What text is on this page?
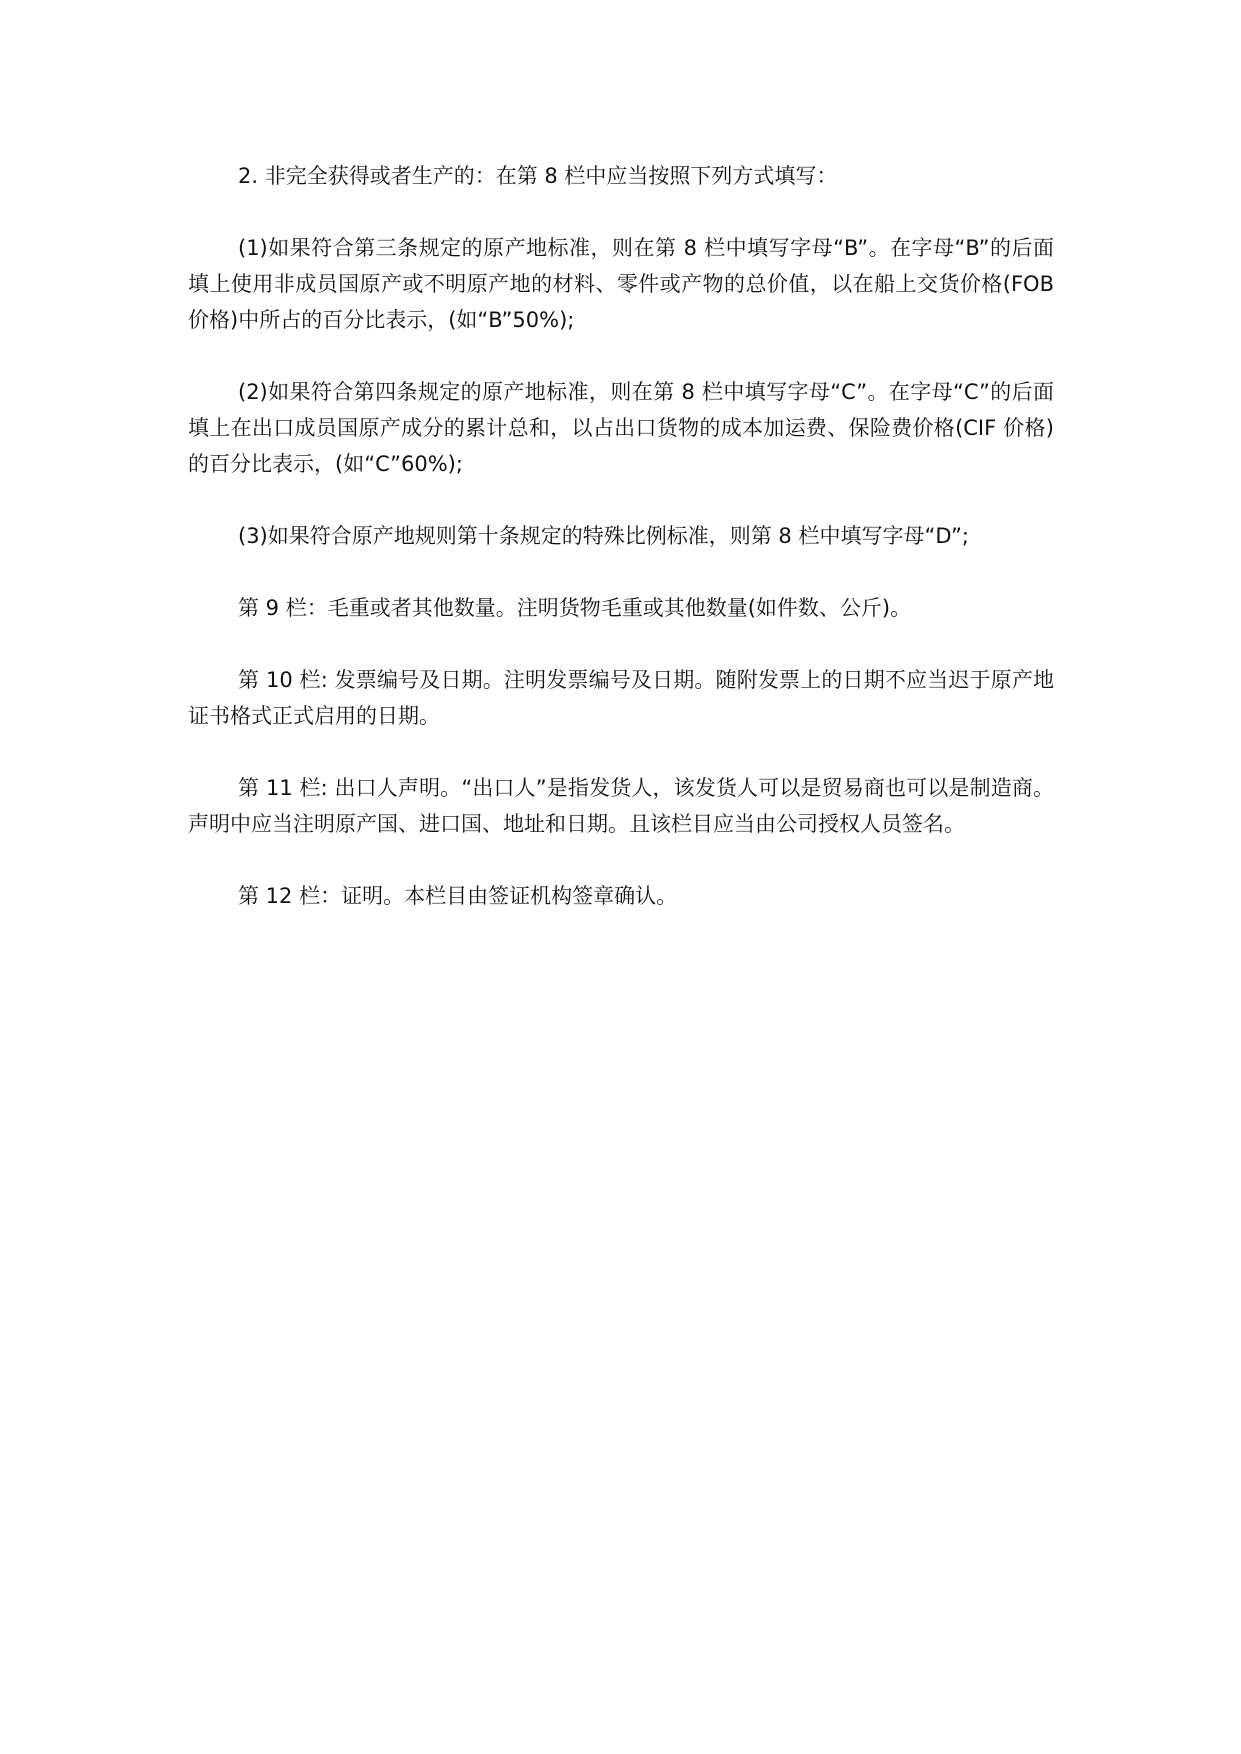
2. 非完全获得或者生产的：在第 8 栏中应当按照下列方式填写：

(1)如果符合第三条规定的原产地标准，则在第 8 栏中填写字母“B”。在字母“B”的后面填上使用非成员国原产或不明原产地的材料、零件或产物的总价值，以在船上交货价格(FOB 价格)中所占的百分比表示，(如“B”50%);

(2)如果符合第四条规定的原产地标准，则在第 8 栏中填写字母“C”。在字母“C”的后面填上在出口成员国原产成分的累计总和，以占出口货物的成本加运费、保险费价格(CIF 价格)的百分比表示，(如“C”60%);

(3)如果符合原产地规则第十条规定的特殊比例标准，则第 8 栏中填写字母“D”;

第 9 栏：毛重或者其他数量。注明货物毛重或其他数量(如件数、公斤)。

第 10 栏: 发票编号及日期。注明发票编号及日期。随附发票上的日期不应当迟于原产地证书格式正式启用的日期。

第 11 栏: 出口人声明。“出口人”是指发货人，该发货人可以是贸易商也可以是制造商。声明中应当注明原产国、进口国、地址和日期。且该栏目应当由公司授权人员签名。

第 12 栏：证明。本栏目由签证机构签章确认。
